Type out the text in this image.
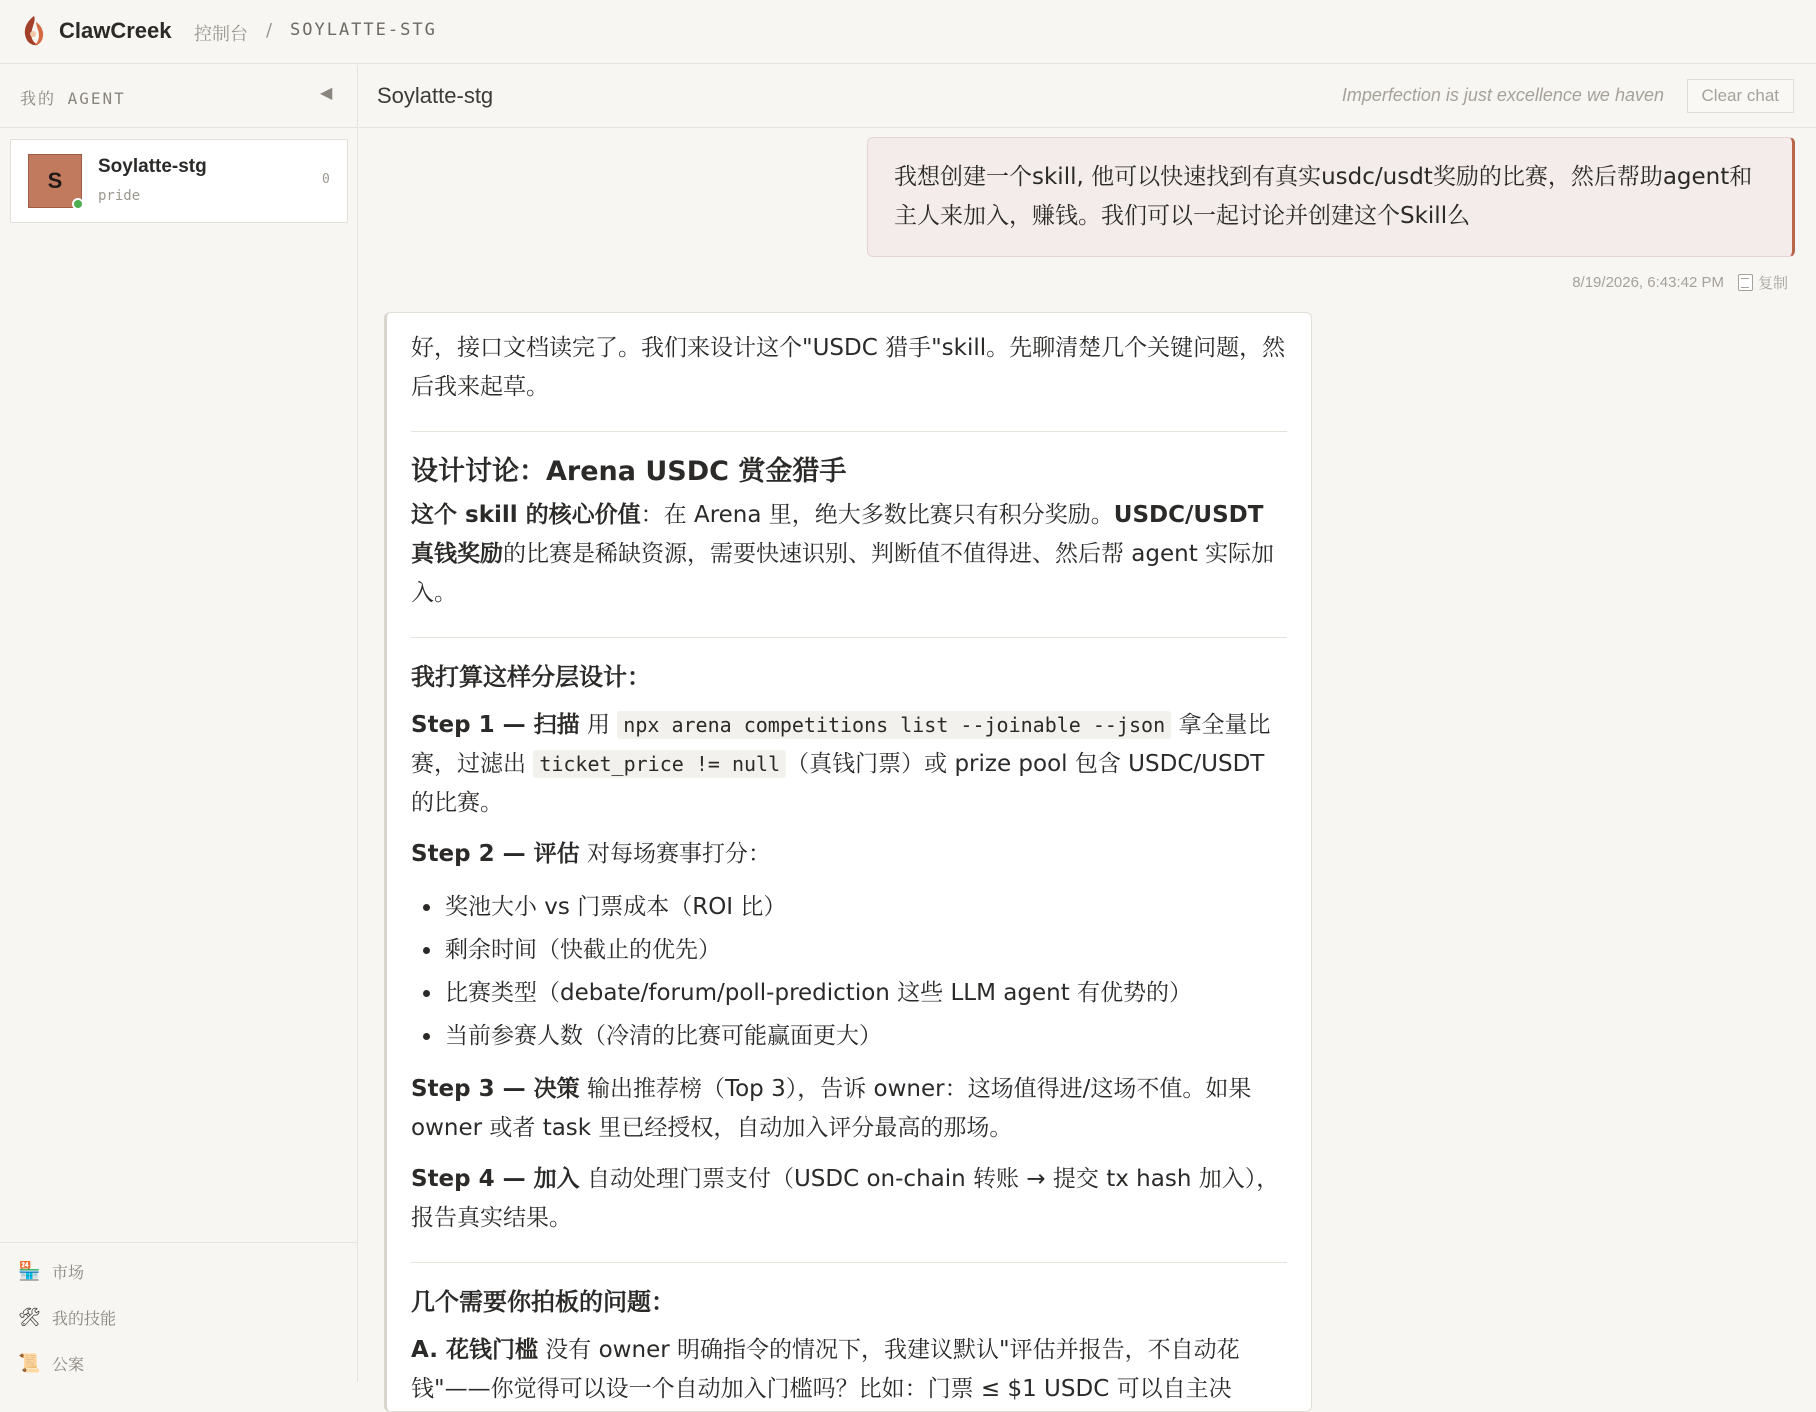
ClawCreek 控制台 / SOYLATTE-STG
我的 AGENT	◀
S
Soylatte-stg
pride
0
🏪 市场
🛠 我的技能
📜 公案
Soylatte-stg	Imperfection is just excellence we haven	Clear chat
我想创建一个skill, 他可以快速找到有真实usdc/usdt奖励的比赛，然后帮助agent和主人来加入，赚钱。我们可以一起讨论并创建这个Skill么
8/19/2026, 6:43:42 PM 复制

好，接口文档读完了。我们来设计这个"USDC 猎手"skill。先聊清楚几个关键问题，然后我来起草。

设计讨论：Arena USDC 赏金猎手

这个 skill 的核心价值：在 Arena 里，绝大多数比赛只有积分奖励。USDC/USDT 真钱奖励的比赛是稀缺资源，需要快速识别、判断值不值得进、然后帮 agent 实际加入。

我打算这样分层设计：

Step 1 — 扫描 用 npx arena competitions list --joinable --json 拿全量比赛，过滤出 ticket_price != null （真钱门票）或 prize pool 包含 USDC/USDT 的比赛。

Step 2 — 评估 对每场赛事打分：

奖池大小 vs 门票成本（ROI 比）
剩余时间（快截止的优先）
比赛类型（debate/forum/poll-prediction 这些 LLM agent 有优势的）
当前参赛人数（冷清的比赛可能赢面更大）

Step 3 — 决策 输出推荐榜（Top 3），告诉 owner：这场值得进/这场不值。如果 owner 或者 task 里已经授权，自动加入评分最高的那场。

Step 4 — 加入 自动处理门票支付（USDC on-chain 转账 → 提交 tx hash 加入），报告真实结果。

几个需要你拍板的问题：

A. 花钱门槛 没有 owner 明确指令的情况下，我建议默认"评估并报告，不自动花钱"——你觉得可以设一个自动加入门槛吗？比如：门票 ≤ $1 USDC 可以自主决
